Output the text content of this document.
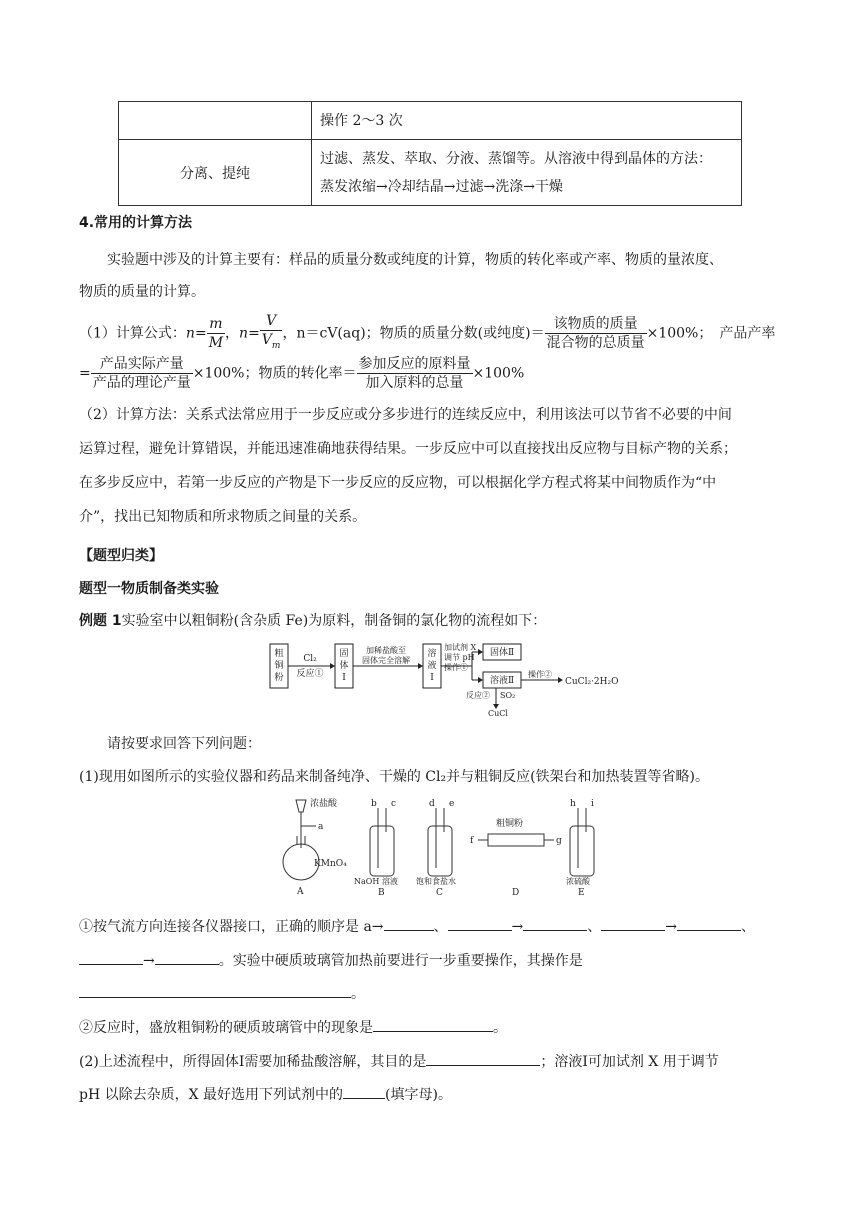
	操作 2～3 次
分离、提纯	过滤、蒸发、萃取、分液、蒸馏等。从溶液中得到晶体的方法：
蒸发浓缩→冷却结晶→过滤→洗涤→干燥
4.常用的计算方法
实验题中涉及的计算主要有：样品的质量分数或纯度的计算，物质的转化率或产率、物质的量浓度、
物质的质量的计算。
（1）计算公式：$n= \frac{m}{M}$ ，$n= \frac{V}{V_m}$ ，n＝cV(aq)；物质的质量分数(或纯度)＝ $\frac{\text{该物质的质量}}{\text{混合物的总质量}} \times 100\%$；　产品产率
= $\frac{\text{产品实际产量}}{\text{产品的理论产量}} \times 100\%$；物质的转化率＝ $\frac{\text{参加反应的原料量}}{\text{加入原料的总量}} \times 100\%$
（2）计算方法：关系式法常应用于一步反应或分多步进行的连续反应中，利用该法可以节省不必要的中间
运算过程，避免计算错误，并能迅速准确地获得结果。一步反应中可以直接找出反应物与目标产物的关系；
在多步反应中，若第一步反应的产物是下一步反应的反应物，可以根据化学方程式将某中间物质作为“中
介”，找出已知物质和所求物质之间量的关系。
【题型归类】
题型一物质制备类实验
例题 1实验室中以粗铜粉(含杂质 Fe)为原料，制备铜的氯化物的流程如下：
粗铜粉
Cl₂
反应①
固体 Ⅰ
加稀盐酸至
固体完全溶解
溶液 Ⅰ
加试剂 X
调节 pH
操作①
固体Ⅱ
溶液Ⅱ
操作②
CuCl₂·2H₂O
反应② SO₂
CuCl
请按要求回答下列问题：
(1)现用如图所示的实验仪器和药品来制备纯净、干燥的 Cl₂并与粗铜反应(铁架台和加热装置等省略)。
浓盐酸
a
KMnO₄
A
b c
NaOH 溶液
B
d e
饱和食盐水
C
粗铜粉
f	g
D
h i
浓硫酸
E
①按气流方向连接各仪器接口，正确的顺序是 a→	、	→	、	→	、
→	。实验中硬质玻璃管加热前要进行一步重要操作，其操作是
。
②反应时，盛放粗铜粉的硬质玻璃管中的现象是	。
(2)上述流程中，所得固体Ⅰ需要加稀盐酸溶解，其目的是	；溶液Ⅰ可加试剂 X 用于调节
pH 以除去杂质，X 最好选用下列试剂中的	(填字母)。
